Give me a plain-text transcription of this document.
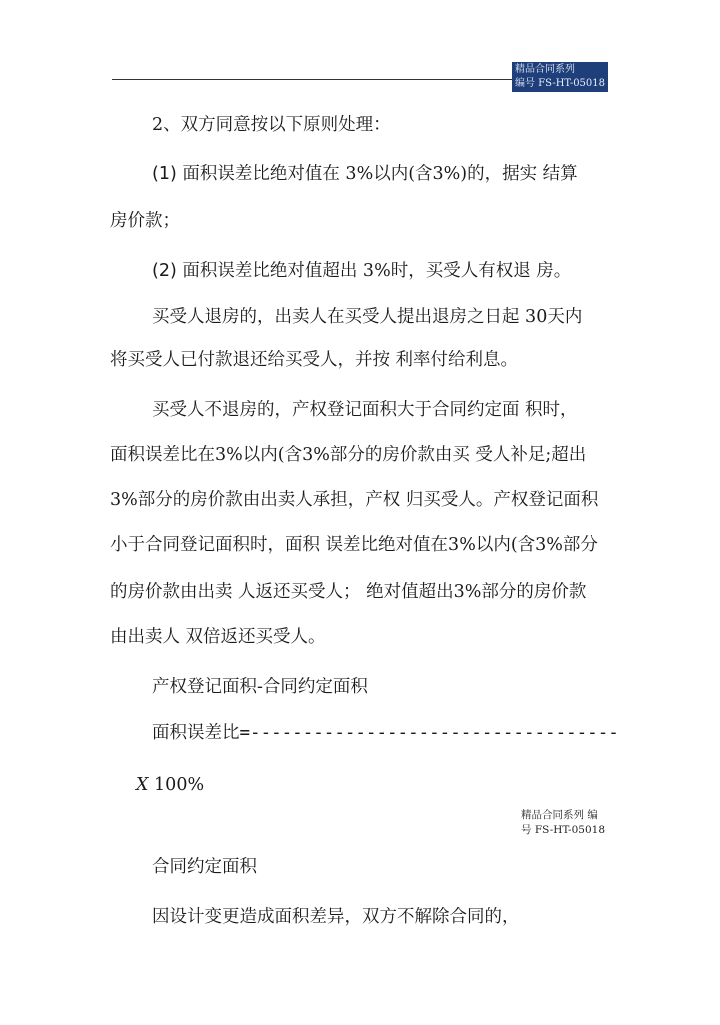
精品合同系列
编号 FS-HT-05018
2、双方同意按以下原则处理：
(1) 面积误差比绝对值在 3%以内(含3%)的，据实 结算
房价款；
(2) 面积误差比绝对值超出 3%时，买受人有权退 房。
买受人退房的，出卖人在买受人提出退房之日起 30天内
将买受人已付款退还给买受人，并按 利率付给利息。
买受人不退房的，产权登记面积大于合同约定面 积时，
面积误差比在3%以内(含3%部分的房价款由买 受人补足;超出
3%部分的房价款由出卖人承担，产权 归买受人。产权登记面积
小于合同登记面积时，面积 误差比绝对值在3%以内(含3%部分
的房价款由出卖 人返还买受人； 绝对值超出3%部分的房价款
由出卖人 双倍返还买受人。
产权登记面积-合同约定面积
面积误差比=-----------------------------------
X 100%
精品合同系列 编
号 FS-HT-05018
合同约定面积
因设计变更造成面积差异，双方不解除合同的，
